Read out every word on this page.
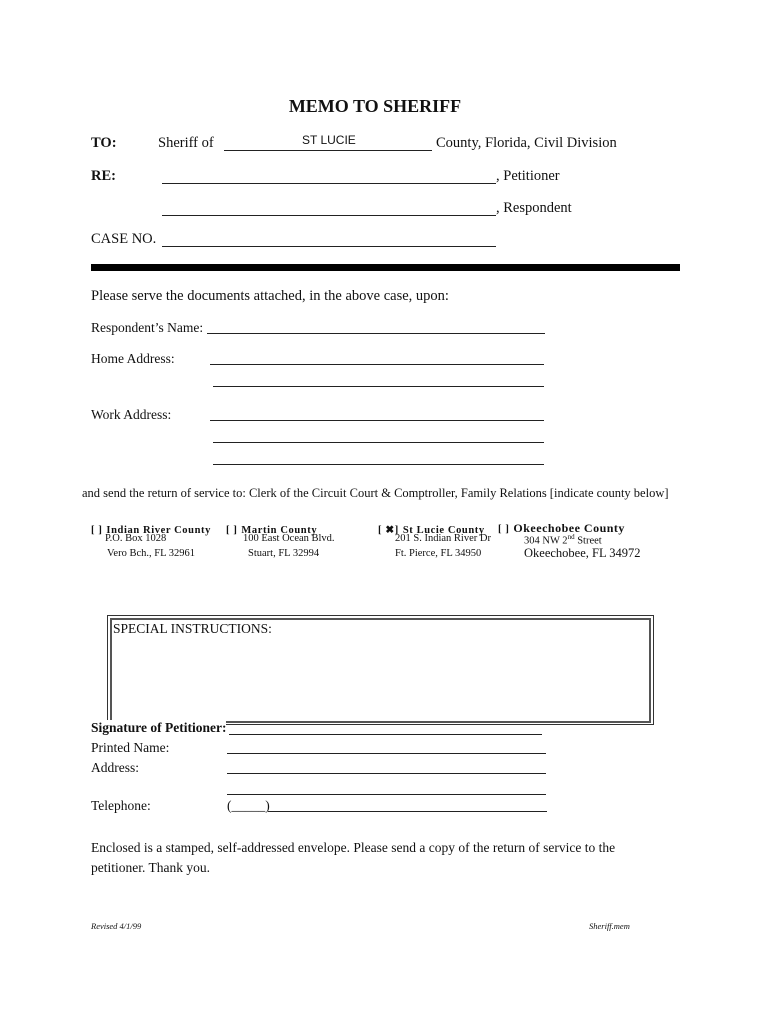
MEMO TO SHERIFF
TO:	Sheriff of	ST LUCIE	County, Florida, Civil Division
RE:	, Petitioner
, Respondent
CASE NO.
Please serve the documents attached, in the above case, upon:
Respondent’s Name:
Home Address:
Work Address:
and send the return of service to: Clerk of the Circuit Court & Comptroller, Family Relations [indicate county below]
[ ] Indian River County
P.O. Box 1028
Vero Bch., FL 32961
[ ] Martin County
100 East Ocean Blvd.
Stuart, FL 32994
[ ✖] St Lucie County
201 S. Indian River Dr
Ft. Pierce, FL 34950
[ ] Okeechobee County
304 NW 2nd Street
Okeechobee, FL 34972
SPECIAL INSTRUCTIONS:
Signature of Petitioner:
Printed Name:
Address:
Telephone:	(_____)
Enclosed is a stamped, self-addressed envelope. Please send a copy of the return of service to the
petitioner. Thank you.
Revised 4/1/99	Sheriff.mem
